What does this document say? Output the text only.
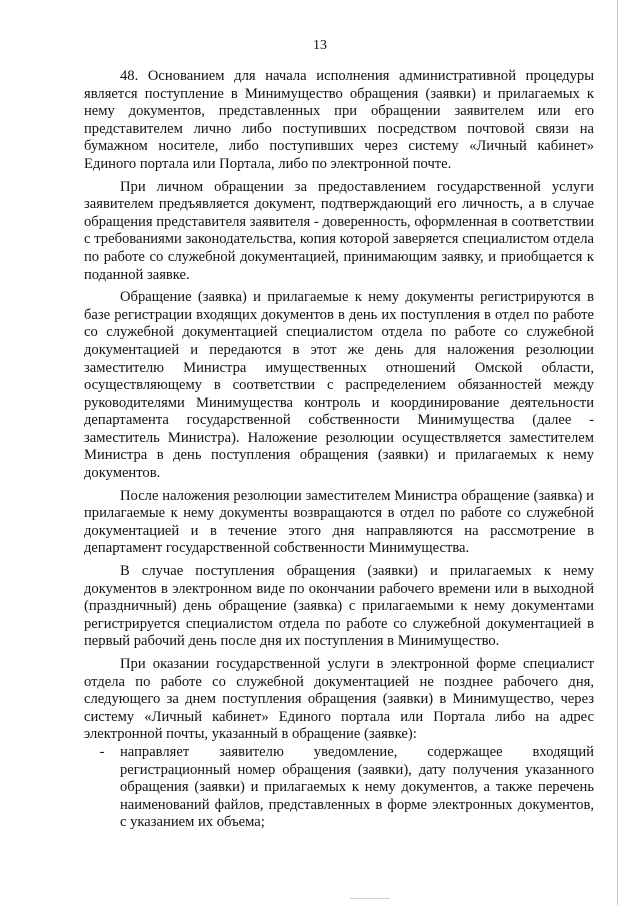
13

48. Основанием для начала исполнения административной процедуры является поступление в Минимущество обращения (заявки) и прилагаемых к нему документов, представленных при обращении заявителем или его представителем лично либо поступивших посредством почтовой связи на бумажном носителе, либо поступивших через систему «Личный кабинет» Единого портала или Портала, либо по электронной почте.

При личном обращении за предоставлением государственной услуги заявителем предъявляется документ, подтверждающий его личность, а в случае обращения представителя заявителя - доверенность, оформленная в соответствии с требованиями законодательства, копия которой заверяется специалистом отдела по работе со служебной документацией, принимающим заявку, и приобщается к поданной заявке.

Обращение (заявка) и прилагаемые к нему документы регистрируются в базе регистрации входящих документов в день их поступления в отдел по работе со служебной документацией специалистом отдела по работе со служебной документацией и передаются в этот же день для наложения резолюции заместителю Министра имущественных отношений Омской области, осуществляющему в соответствии с распределением обязанностей между руководителями Минимущества контроль и координирование деятельности департамента государственной собственности Минимущества (далее - заместитель Министра). Наложение резолюции осуществляется заместителем Министра в день поступления обращения (заявки) и прилагаемых к нему документов.

После наложения резолюции заместителем Министра обращение (заявка) и прилагаемые к нему документы возвращаются в отдел по работе со служебной документацией и в течение этого дня направляются на рассмотрение в департамент государственной собственности Минимущества.

В случае поступления обращения (заявки) и прилагаемых к нему документов в электронном виде по окончании рабочего времени или в выходной (праздничный) день обращение (заявка) с прилагаемыми к нему документами регистрируется специалистом отдела по работе со служебной документацией в первый рабочий день после дня их поступления в Минимущество.

При оказании государственной услуги в электронной форме специалист отдела по работе со служебной документацией не позднее рабочего дня, следующего за днем поступления обращения (заявки) в Минимущество, через систему «Личный кабинет» Единого портала или Портала либо на адрес электронной почты, указанный в обращение (заявке):

-	направляет заявителю уведомление, содержащее входящий регистрационный номер обращения (заявки), дату получения указанного обращения (заявки) и прилагаемых к нему документов, а также перечень наименований файлов, представленных в форме электронных документов, с указанием их объема;
